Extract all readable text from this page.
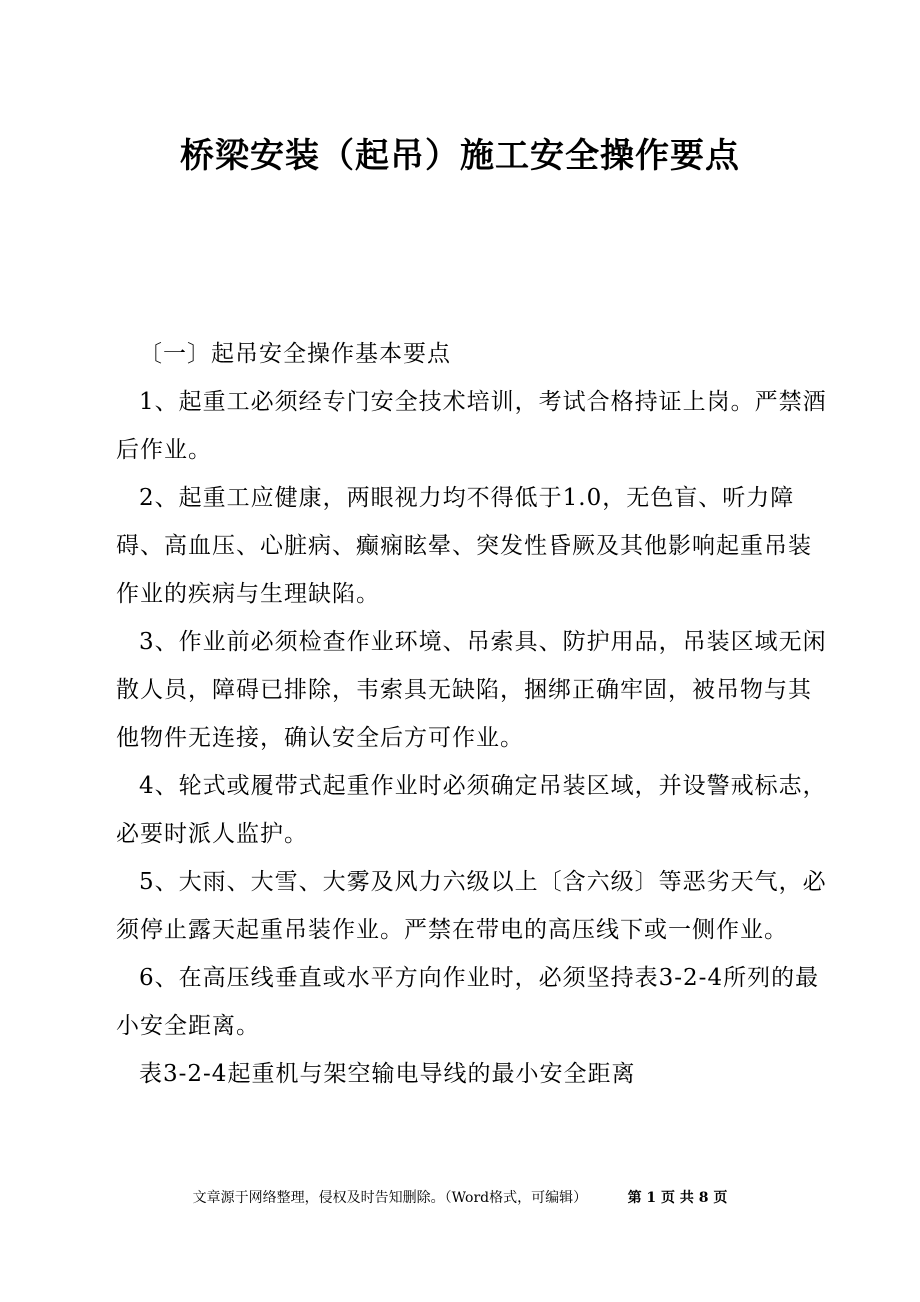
桥梁安装（起吊）施工安全操作要点

〔一〕起吊安全操作基本要点

1、起重工必须经专门安全技术培训，考试合格持证上岗。严禁酒后作业。

2、起重工应健康，两眼视力均不得低于1.0，无色盲、听力障碍、高血压、心脏病、癫痫眩晕、突发性昏厥及其他影响起重吊装作业的疾病与生理缺陷。

3、作业前必须检查作业环境、吊索具、防护用品，吊装区域无闲散人员，障碍已排除，韦索具无缺陷，捆绑正确牢固，被吊物与其他物件无连接，确认安全后方可作业。

4、轮式或履带式起重作业时必须确定吊装区域，并设警戒标志，必要时派人监护。

5、大雨、大雪、大雾及风力六级以上〔含六级〕等恶劣天气，必须停止露天起重吊装作业。严禁在带电的高压线下或一侧作业。

6、在高压线垂直或水平方向作业时，必须坚持表3-2-4所列的最小安全距离。

表3-2-4起重机与架空输电导线的最小安全距离

文章源于网络整理，侵权及时告知删除。（Word格式，可编辑）	第 1 页 共 8 页
